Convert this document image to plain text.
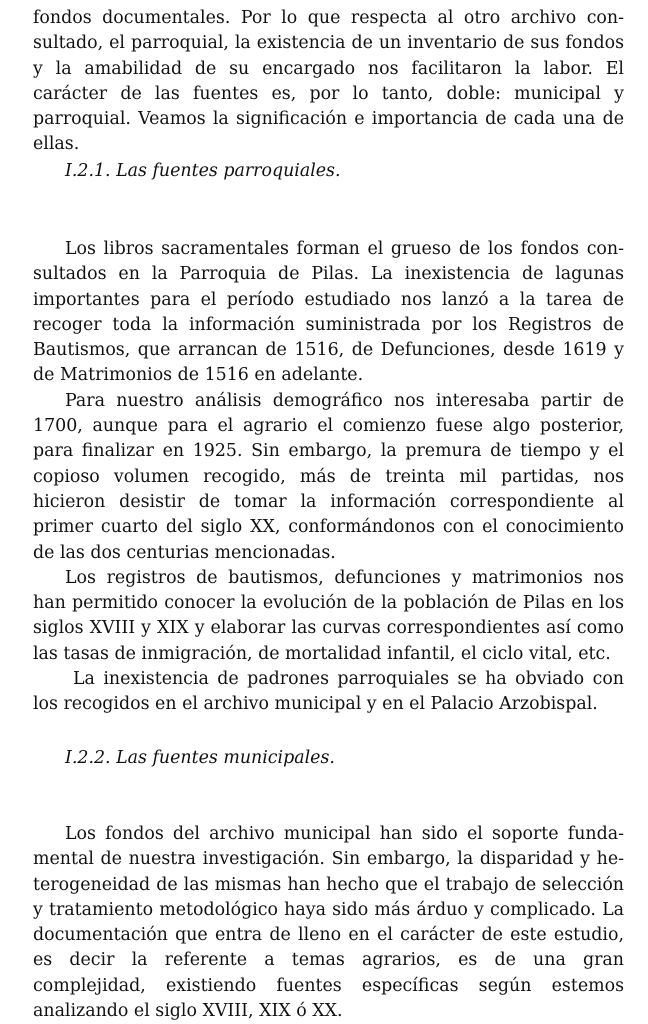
fondos documentales. Por lo que respecta al otro archivo consultado, el parroquial, la existencia de un inventario de sus fondos y la amabilidad de su encargado nos facilitaron la labor. El carácter de las fuentes es, por lo tanto, doble: municipal y parroquial. Veamos la significación e importancia de cada una de ellas.

I.2.1. Las fuentes parroquiales.

Los libros sacramentales forman el grueso de los fondos consultados en la Parroquia de Pilas. La inexistencia de lagunas importantes para el período estudiado nos lanzó a la tarea de recoger toda la información suministrada por los Registros de Bautismos, que arrancan de 1516, de Defunciones, desde 1619 y de Matrimonios de 1516 en adelante.

Para nuestro análisis demográfico nos interesaba partir de 1700, aunque para el agrario el comienzo fuese algo posterior, para finalizar en 1925. Sin embargo, la premura de tiempo y el copioso volumen recogido, más de treinta mil partidas, nos hicieron desistir de tomar la información correspondiente al primer cuarto del siglo XX, conformándonos con el conocimiento de las dos centurias mencionadas.

Los registros de bautismos, defunciones y matrimonios nos han permitido conocer la evolución de la población de Pilas en los siglos XVIII y XIX y elaborar las curvas correspondientes así como las tasas de inmigración, de mortalidad infantil, el ciclo vital, etc.

La inexistencia de padrones parroquiales se ha obviado con los recogidos en el archivo municipal y en el Palacio Arzobispal.

I.2.2. Las fuentes municipales.

Los fondos del archivo municipal han sido el soporte fundamental de nuestra investigación. Sin embargo, la disparidad y heterogeneidad de las mismas han hecho que el trabajo de selección y tratamiento metodológico haya sido más árduo y complicado. La documentación que entra de lleno en el carácter de este estudio, es decir la referente a temas agrarios, es de una gran complejidad, existiendo fuentes específicas según estemos analizando el siglo XVIII, XIX ó XX.
